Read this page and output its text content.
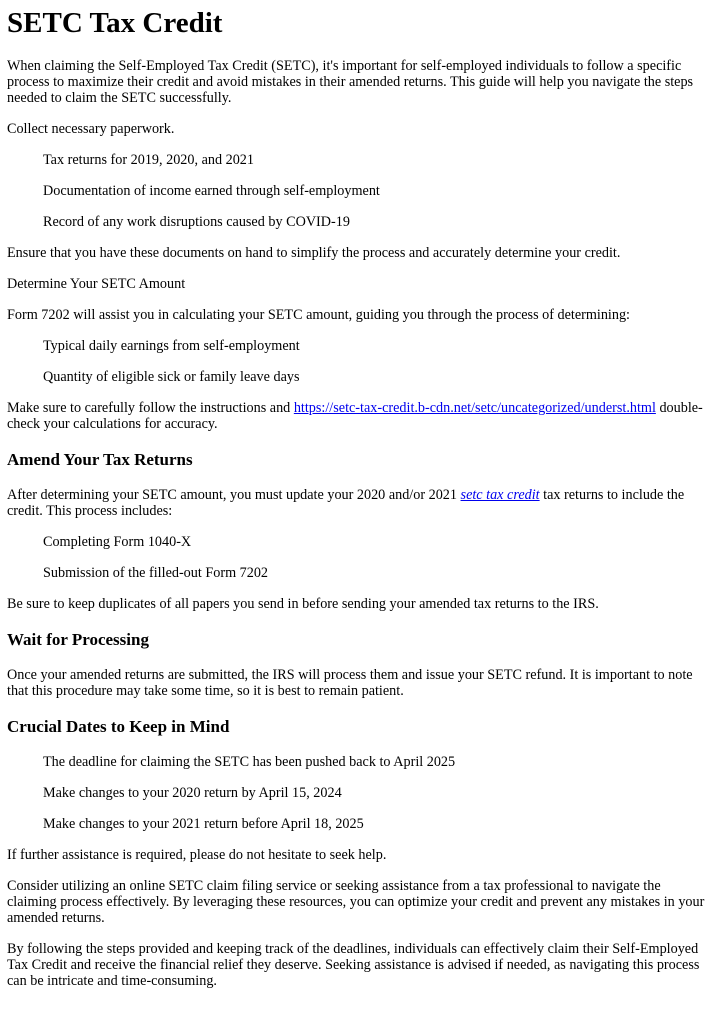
SETC Tax Credit

When claiming the Self-Employed Tax Credit (SETC), it's important for self-employed individuals to follow a specific process to maximize their credit and avoid mistakes in their amended returns. This guide will help you navigate the steps needed to claim the SETC successfully.

Collect necessary paperwork.

Tax returns for 2019, 2020, and 2021

Documentation of income earned through self-employment

Record of any work disruptions caused by COVID-19

Ensure that you have these documents on hand to simplify the process and accurately determine your credit.

Determine Your SETC Amount

Form 7202 will assist you in calculating your SETC amount, guiding you through the process of determining:

Typical daily earnings from self-employment

Quantity of eligible sick or family leave days

Make sure to carefully follow the instructions and https://setc-tax-credit.b-cdn.net/setc/uncategorized/underst.html double-check your calculations for accuracy.

Amend Your Tax Returns

After determining your SETC amount, you must update your 2020 and/or 2021 setc tax credit tax returns to include the credit. This process includes:

Completing Form 1040-X

Submission of the filled-out Form 7202

Be sure to keep duplicates of all papers you send in before sending your amended tax returns to the IRS.

Wait for Processing

Once your amended returns are submitted, the IRS will process them and issue your SETC refund. It is important to note that this procedure may take some time, so it is best to remain patient.

Crucial Dates to Keep in Mind

The deadline for claiming the SETC has been pushed back to April 2025

Make changes to your 2020 return by April 15, 2024

Make changes to your 2021 return before April 18, 2025

If further assistance is required, please do not hesitate to seek help.

Consider utilizing an online SETC claim filing service or seeking assistance from a tax professional to navigate the claiming process effectively. By leveraging these resources, you can optimize your credit and prevent any mistakes in your amended returns.

By following the steps provided and keeping track of the deadlines, individuals can effectively claim their Self-Employed Tax Credit and receive the financial relief they deserve. Seeking assistance is advised if needed, as navigating this process can be intricate and time-consuming.
